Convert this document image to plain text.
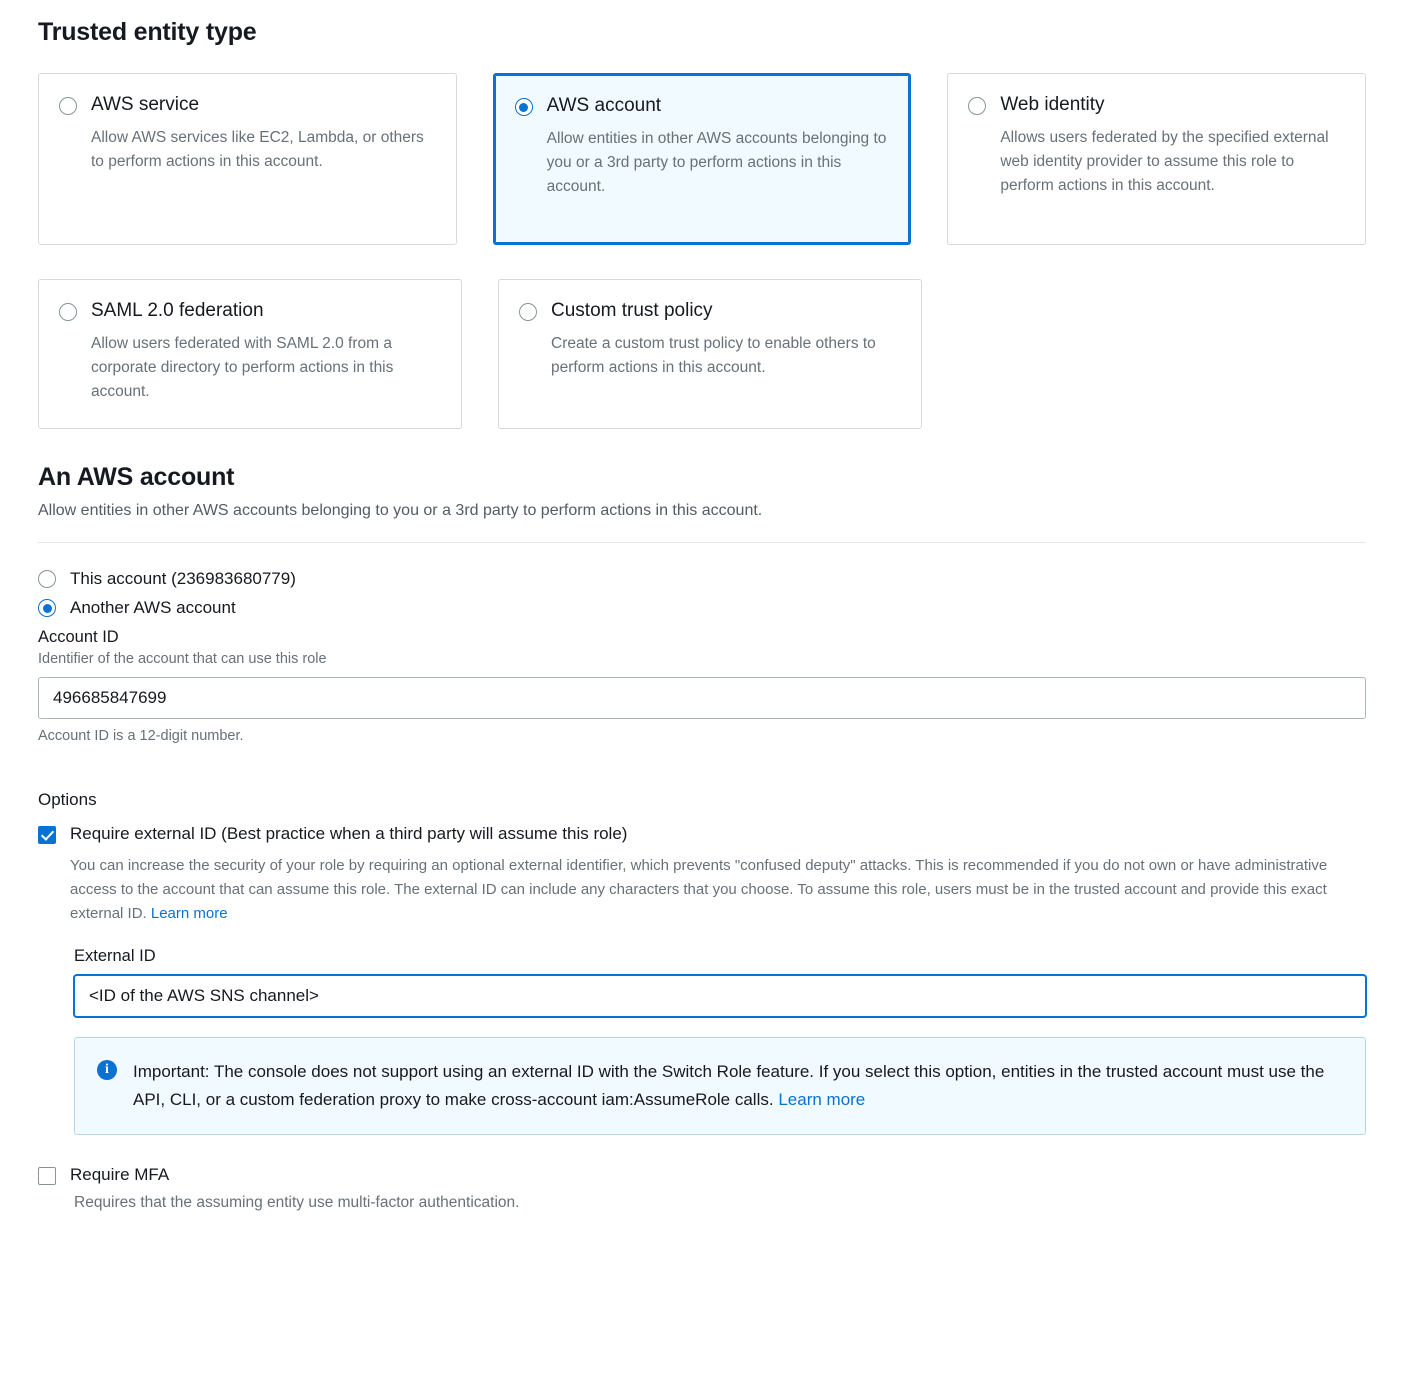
Trusted entity type
AWS service
Allow AWS services like EC2, Lambda, or others to perform actions in this account.
AWS account
Allow entities in other AWS accounts belonging to you or a 3rd party to perform actions in this account.
Web identity
Allows users federated by the specified external web identity provider to assume this role to perform actions in this account.
SAML 2.0 federation
Allow users federated with SAML 2.0 from a corporate directory to perform actions in this account.
Custom trust policy
Create a custom trust policy to enable others to perform actions in this account.
An AWS account
Allow entities in other AWS accounts belonging to you or a 3rd party to perform actions in this account.
This account (236983680779)
Another AWS account
Account ID
Identifier of the account that can use this role
496685847699
Account ID is a 12-digit number.
Options
Require external ID (Best practice when a third party will assume this role)
You can increase the security of your role by requiring an optional external identifier, which prevents "confused deputy" attacks. This is recommended if you do not own or have administrative access to the account that can assume this role. The external ID can include any characters that you choose. To assume this role, users must be in the trusted account and provide this exact external ID. Learn more
External ID
<ID of the AWS SNS channel>
i	Important: The console does not support using an external ID with the Switch Role feature. If you select this option, entities in the trusted account must use the API, CLI, or a custom federation proxy to make cross-account iam:AssumeRole calls. Learn more
Require MFA
Requires that the assuming entity use multi-factor authentication.
